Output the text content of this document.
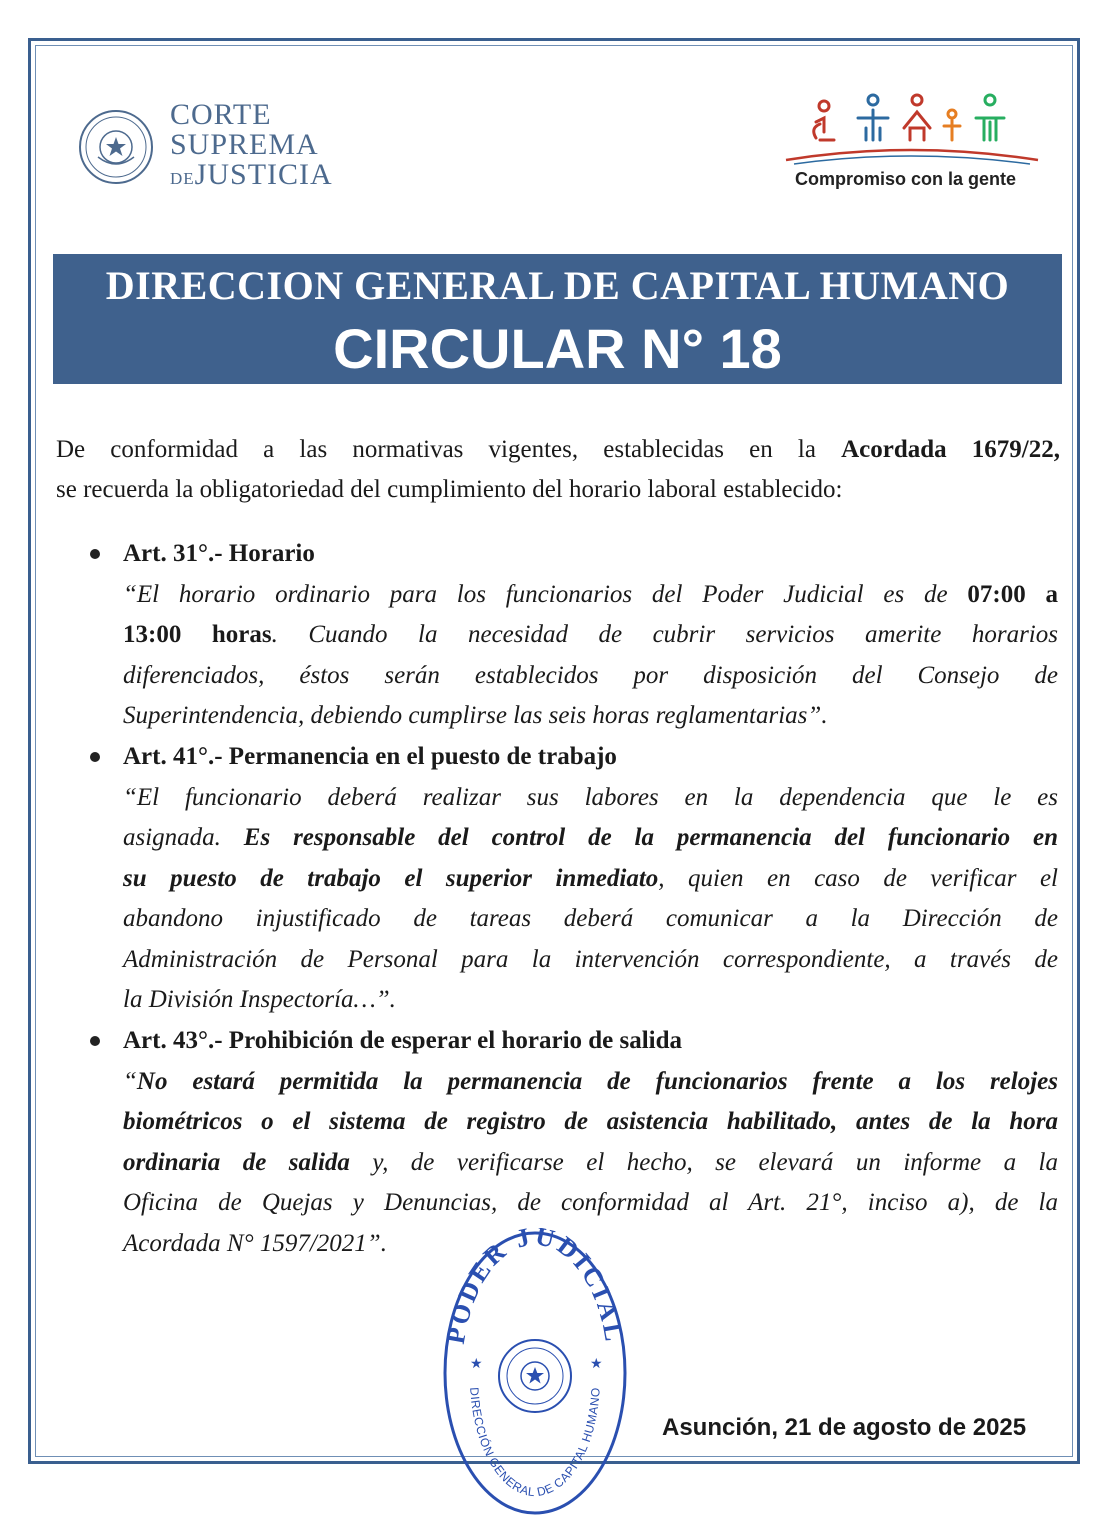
CORTE
SUPREMA
DEJUSTICIA	Compromiso con la gente
DIRECCION GENERAL DE CAPITAL HUMANO
CIRCULAR N° 18

De conformidad a las normativas vigentes, establecidas en la Acordada 1679/22,

se recuerda la obligatoriedad del cumplimiento del horario laboral establecido:

Art. 31°.- Horario
“El horario ordinario para los funcionarios del Poder Judicial es de 07:00 a
13:00 horas. Cuando la necesidad de cubrir servicios amerite horarios
diferenciados, éstos serán establecidos por disposición del Consejo de
Superintendencia, debiendo cumplirse las seis horas reglamentarias”.
Art. 41°.- Permanencia en el puesto de trabajo
“El funcionario deberá realizar sus labores en la dependencia que le es
asignada. Es responsable del control de la permanencia del funcionario en
su puesto de trabajo el superior inmediato, quien en caso de verificar el
abandono injustificado de tareas deberá comunicar a la Dirección de
Administración de Personal para la intervención correspondiente, a través de
la División Inspectoría…”.
Art. 43°.- Prohibición de esperar el horario de salida
“No estará permitida la permanencia de funcionarios frente a los relojes
biométricos o el sistema de registro de asistencia habilitado, antes de la hora
ordinaria de salida y, de verificarse el hecho, se elevará un informe a la
Oficina de Quejas y Denuncias, de conformidad al Art. 21°, inciso a), de la
Acordada N° 1597/2021”.
PODER JUDICIAL
DIRECCIÓN GENERAL DE CAPITAL HUMANO
★	★
Asunción, 21 de agosto de 2025
